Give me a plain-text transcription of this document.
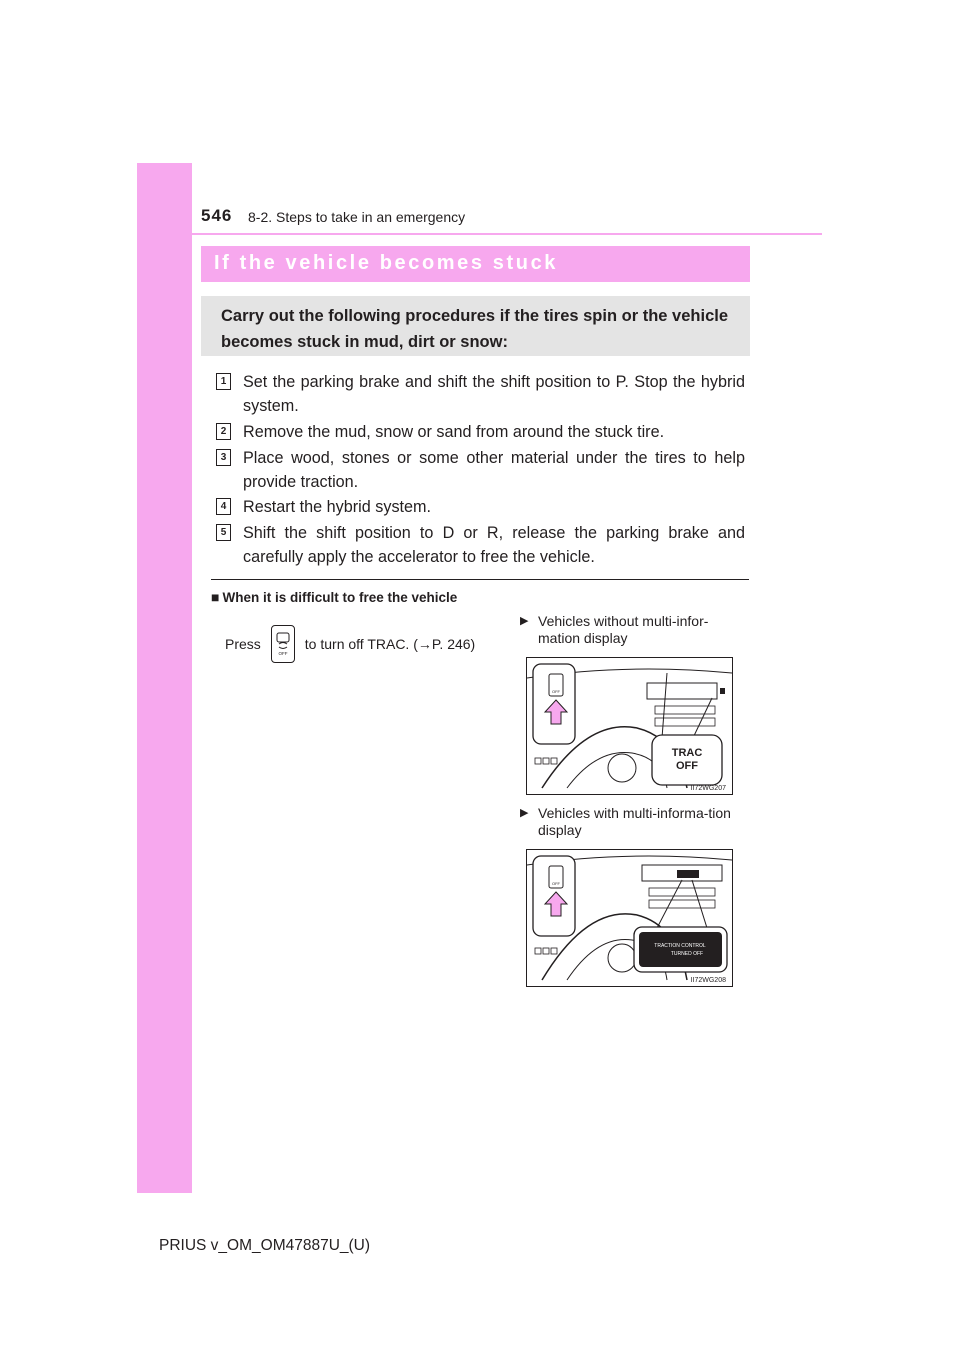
546 8-2. Steps to take in an emergency
If the vehicle becomes stuck
Carry out the following procedures if the tires spin or the vehicle becomes stuck in mud, dirt or snow:
1 Set the parking brake and shift the shift position to P. Stop the hybrid system.
2 Remove the mud, snow or sand from around the stuck tire.
3 Place wood, stones or some other material under the tires to help provide traction.
4 Restart the hybrid system.
5 Shift the shift position to D or R, release the parking brake and carefully apply the accelerator to free the vehicle.
■ When it is difficult to free the vehicle
Press
OFF
to turn off TRAC. (→P. 246)
▶ Vehicles without multi-infor-mation display
OFF
TRAC
OFF
II72WG207
▶ Vehicles with multi-informa-tion display
OFF
TRACTION CONTROL
TURNED OFF
II72WG208
PRIUS v_OM_OM47887U_(U)
